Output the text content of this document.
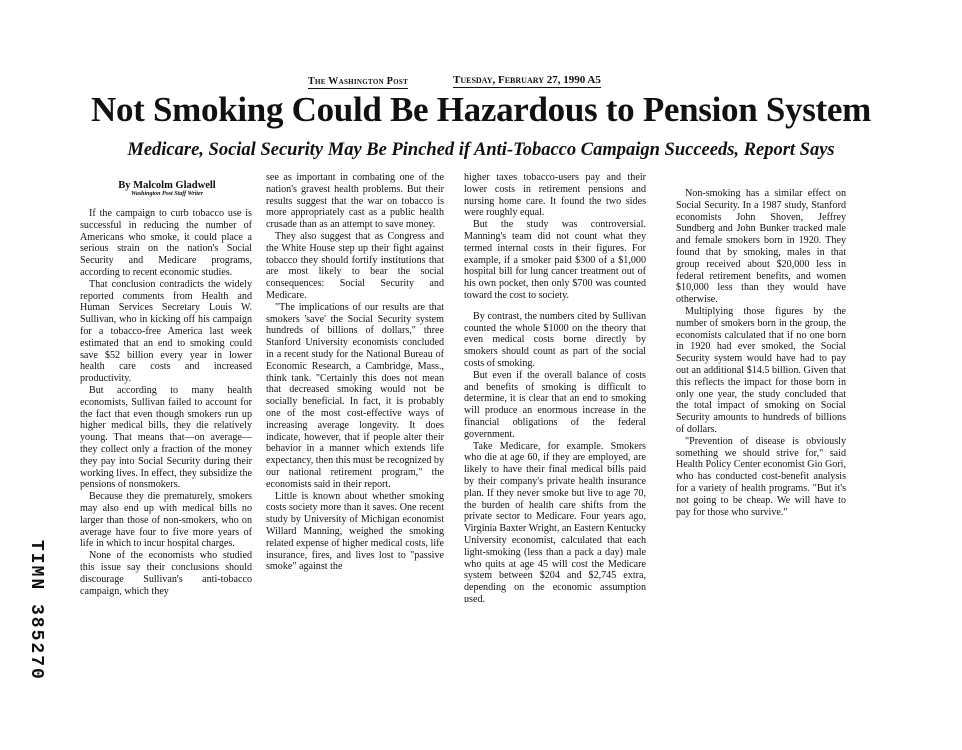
The Washington Post	Tuesday, February 27, 1990 A5
Not Smoking Could Be Hazardous to Pension System
Medicare, Social Security May Be Pinched if Anti-Tobacco Campaign Succeeds, Report Says
By Malcolm Gladwell
Washington Post Staff Writer

If the campaign to curb tobacco use is successful in reducing the number of Americans who smoke, it could place a serious strain on the nation's Social Security and Medicare programs, according to recent economic studies.

That conclusion contradicts the widely reported comments from Health and Human Services Secretary Louis W. Sullivan, who in kicking off his campaign for a tobacco-free America last week estimated that an end to smoking could save $52 billion every year in lower health care costs and increased productivity.

But according to many health economists, Sullivan failed to account for the fact that even though smokers run up higher medical bills, they die relatively young. That means that—on average—they collect only a fraction of the money they pay into Social Security during their working lives. In effect, they subsidize the pensions of nonsmokers.

Because they die prematurely, smokers may also end up with medical bills no larger than those of non-smokers, who on average have four to five more years of life in which to incur hospital charges.

None of the economists who studied this issue say their conclusions should discourage Sullivan's anti-tobacco campaign, which they

see as important in combating one of the nation's gravest health problems. But their results suggest that the war on tobacco is more appropriately cast as a public health crusade than as an attempt to save money.

They also suggest that as Congress and the White House step up their fight against tobacco they should fortify institutions that are most likely to bear the social consequences: Social Security and Medicare.

"The implications of our results are that smokers 'save' the Social Security system hundreds of billions of dollars," three Stanford University economists concluded in a recent study for the National Bureau of Economic Research, a Cambridge, Mass., think tank. "Certainly this does not mean that decreased smoking would not be socially beneficial. In fact, it is probably one of the most cost-effective ways of increasing average longevity. It does indicate, however, that if people alter their behavior in a manner which extends life expectancy, then this must be recognized by our national retirement program," the economists said in their report.

Little is known about whether smoking costs society more than it saves. One recent study by University of Michigan economist Willard Manning, weighed the smoking related expense of higher medical costs, life insurance, fires, and lives lost to "passive smoke" against the

higher taxes tobacco-users pay and their lower costs in retirement pensions and nursing home care. It found the two sides were roughly equal.

But the study was controversial. Manning's team did not count what they termed internal costs in their figures. For example, if a smoker paid $300 of a $1,000 hospital bill for lung cancer treatment out of his own pocket, then only $700 was counted toward the cost to society.

By contrast, the numbers cited by Sullivan counted the whole $1000 on the theory that even medical costs borne directly by smokers should count as part of the social costs of smoking.

But even if the overall balance of costs and benefits of smoking is difficult to determine, it is clear that an end to smoking will produce an enormous increase in the financial obligations of the federal government.

Take Medicare, for example. Smokers who die at age 60, if they are employed, are likely to have their final medical bills paid by their company's private health insurance plan. If they never smoke but live to age 70, the burden of health care shifts from the private sector to Medicare. Four years ago, Virginia Baxter Wright, an Eastern Kentucky University economist, calculated that each light-smoking (less than a pack a day) male who quits at age 45 will cost the Medicare system between $204 and $2,745 extra, depending on the economic assumption used.

Non-smoking has a similar effect on Social Security. In a 1987 study, Stanford economists John Shoven, Jeffrey Sundberg and John Bunker tracked male and female smokers born in 1920. They found that by smoking, males in that group received about $20,000 less in federal retirement benefits, and women $10,000 less than they would have otherwise.

Multiplying those figures by the number of smokers born in the group, the economists calculated that if no one born in 1920 had ever smoked, the Social Security system would have had to pay out an additional $14.5 billion. Given that this reflects the impact for those born in only one year, the study concluded that the total impact of smoking on Social Security amounts to hundreds of billions of dollars.

"Prevention of disease is obviously something we should strive for," said Health Policy Center economist Gio Gori, who has conducted cost-benefit analysis for a variety of health programs. "But it's not going to be cheap. We will have to pay for those who survive."

TIMN 385270
